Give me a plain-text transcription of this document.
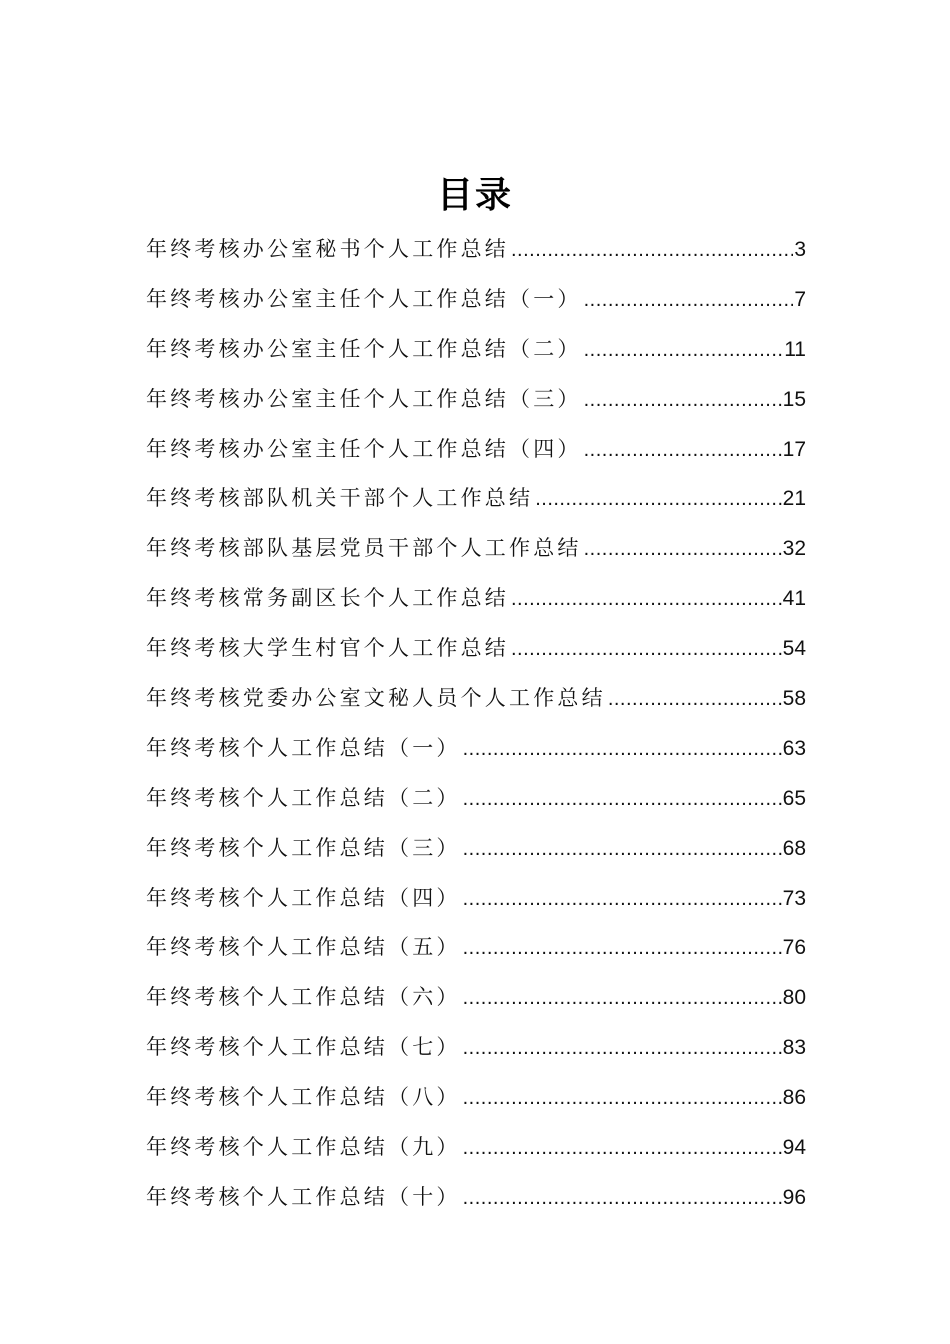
目录
年终考核办公室秘书个人工作总结 .....	3
年终考核办公室主任个人工作总结（一） .....	7
年终考核办公室主任个人工作总结（二） .....	11
年终考核办公室主任个人工作总结（三） .....	15
年终考核办公室主任个人工作总结（四） .....	17
年终考核部队机关干部个人工作总结 .....	21
年终考核部队基层党员干部个人工作总结 .....	32
年终考核常务副区长个人工作总结 .....	41
年终考核大学生村官个人工作总结 .....	54
年终考核党委办公室文秘人员个人工作总结 .....	58
年终考核个人工作总结（一） .....	63
年终考核个人工作总结（二） .....	65
年终考核个人工作总结（三） .....	68
年终考核个人工作总结（四） .....	73
年终考核个人工作总结（五） .....	76
年终考核个人工作总结（六） .....	80
年终考核个人工作总结（七） .....	83
年终考核个人工作总结（八） .....	86
年终考核个人工作总结（九） .....	94
年终考核个人工作总结（十） .....	96
